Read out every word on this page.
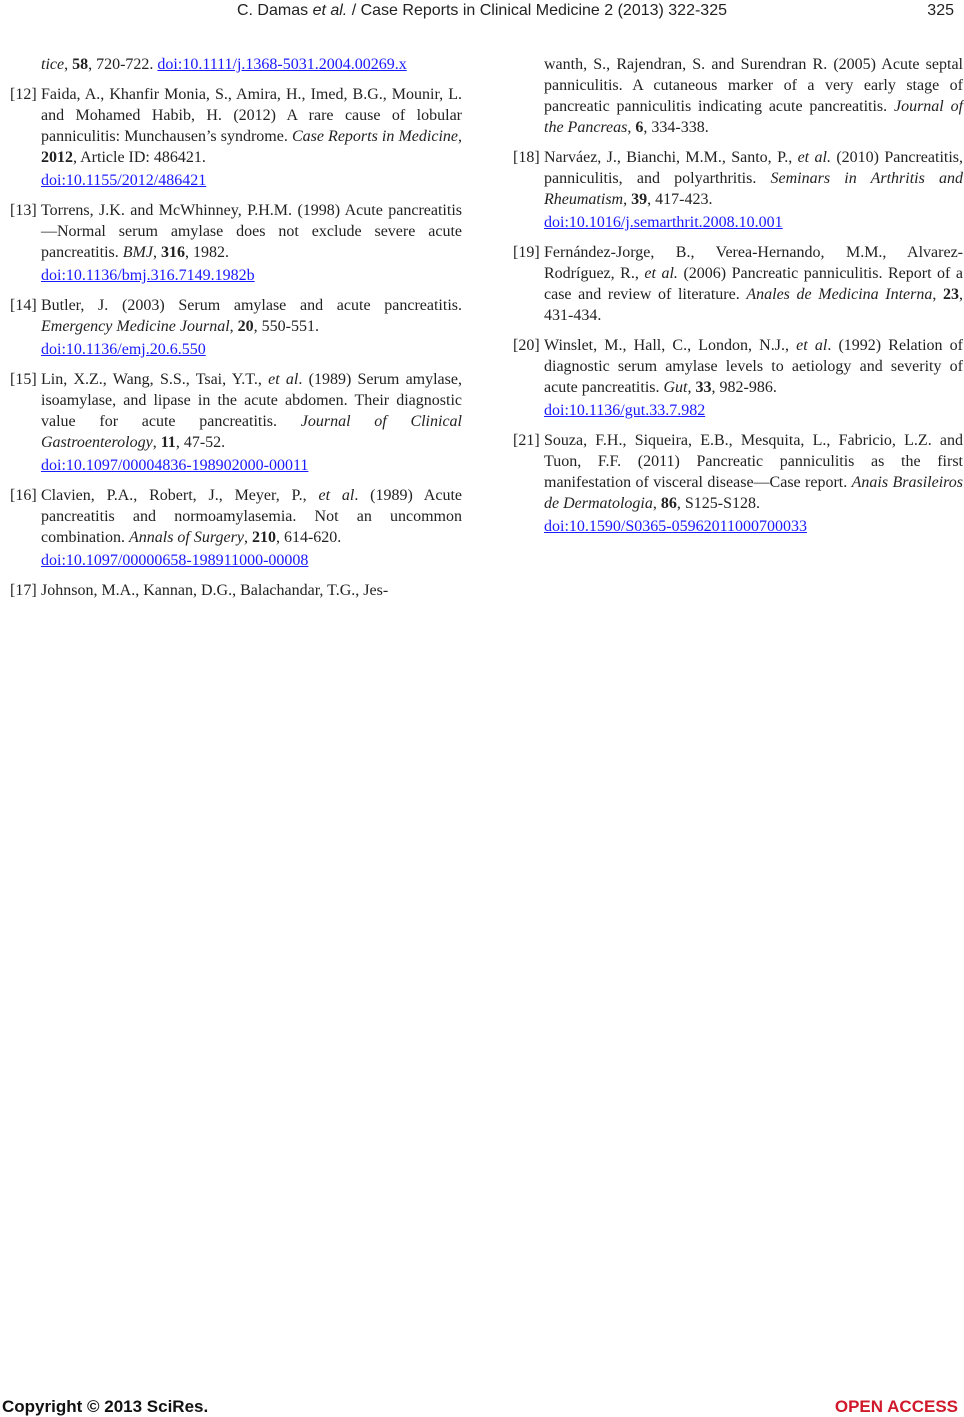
C. Damas et al. / Case Reports in Clinical Medicine 2 (2013) 322-325	325
tice, 58, 720-722. doi:10.1111/j.1368-5031.2004.00269.x
[12] Faida, A., Khanfir Monia, S., Amira, H., Imed, B.G., Mounir, L. and Mohamed Habib, H. (2012) A rare cause of lobular panniculitis: Munchausen’s syndrome. Case Reports in Medicine, 2012, Article ID: 486421.
doi:10.1155/2012/486421
[13] Torrens, J.K. and McWhinney, P.H.M. (1998) Acute pancreatitis—Normal serum amylase does not exclude severe acute pancreatitis. BMJ, 316, 1982.
doi:10.1136/bmj.316.7149.1982b
[14] Butler, J. (2003) Serum amylase and acute pancreatitis. Emergency Medicine Journal, 20, 550-551.
doi:10.1136/emj.20.6.550
[15] Lin, X.Z., Wang, S.S., Tsai, Y.T., et al. (1989) Serum amylase, isoamylase, and lipase in the acute abdomen. Their diagnostic value for acute pancreatitis. Journal of Clinical Gastroenterology, 11, 47-52.
doi:10.1097/00004836-198902000-00011
[16] Clavien, P.A., Robert, J., Meyer, P., et al. (1989) Acute pancreatitis and normoamylasemia. Not an uncommon combination. Annals of Surgery, 210, 614-620.
doi:10.1097/00000658-198911000-00008
[17] Johnson, M.A., Kannan, D.G., Balachandar, T.G., Jes-
wanth, S., Rajendran, S. and Surendran R. (2005) Acute septal panniculitis. A cutaneous marker of a very early stage of pancreatic panniculitis indicating acute pancreatitis. Journal of the Pancreas, 6, 334-338.
[18] Narváez, J., Bianchi, M.M., Santo, P., et al. (2010) Pancreatitis, panniculitis, and polyarthritis. Seminars in Arthritis and Rheumatism, 39, 417-423.
doi:10.1016/j.semarthrit.2008.10.001
[19] Fernández-Jorge, B., Verea-Hernando, M.M., Alvarez-Rodríguez, R., et al. (2006) Pancreatic panniculitis. Report of a case and review of literature. Anales de Medicina Interna, 23, 431-434.
[20] Winslet, M., Hall, C., London, N.J., et al. (1992) Relation of diagnostic serum amylase levels to aetiology and severity of acute pancreatitis. Gut, 33, 982-986.
doi:10.1136/gut.33.7.982
[21] Souza, F.H., Siqueira, E.B., Mesquita, L., Fabricio, L.Z. and Tuon, F.F. (2011) Pancreatic panniculitis as the first manifestation of visceral disease—Case report. Anais Brasileiros de Dermatologia, 86, S125-S128.
doi:10.1590/S0365-05962011000700033
Copyright © 2013 SciRes.	OPEN ACCESS
